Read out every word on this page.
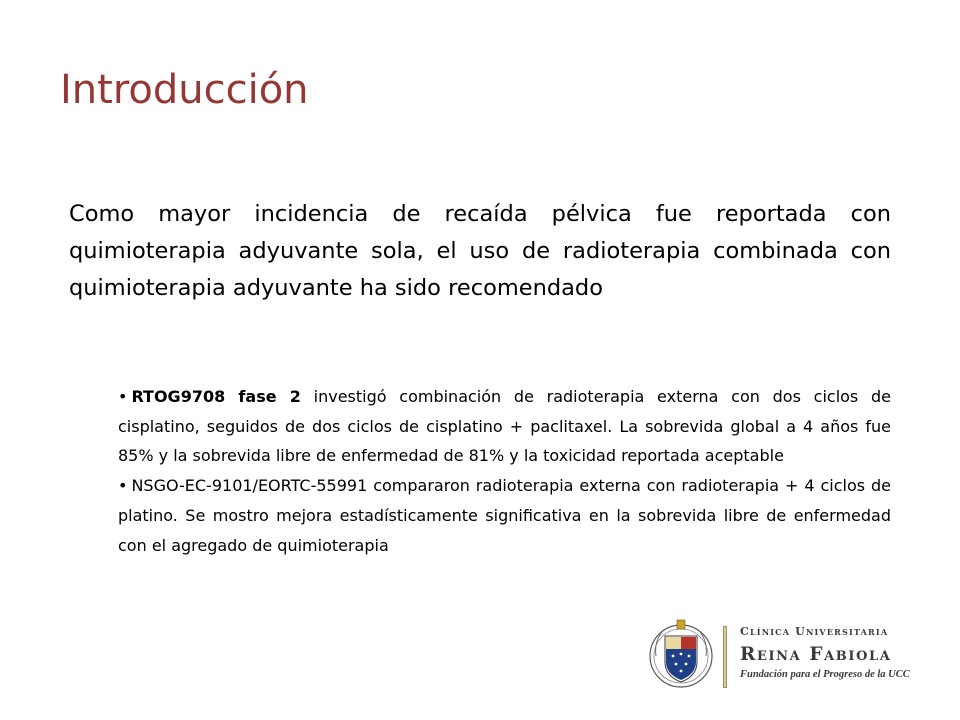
Introducción

Como mayor incidencia de recaída pélvica fue reportada con quimioterapia adyuvante sola, el uso de radioterapia combinada con quimioterapia adyuvante ha sido recomendado

• RTOG9708 fase 2 investigó combinación de radioterapia externa con dos ciclos de cisplatino, seguidos de dos ciclos de cisplatino + paclitaxel. La sobrevida global a 4 años fue 85% y la sobrevida libre de enfermedad de 81% y la toxicidad reportada aceptable
• NSGO-EC-9101/EORTC-55991 compararon radioterapia externa con radioterapia + 4 ciclos de platino. Se mostro mejora estadísticamente significativa en la sobrevida libre de enfermedad con el agregado de quimioterapia
Clínica Universitaria
Reina Fabiola
Fundación para el Progreso de la UCC
